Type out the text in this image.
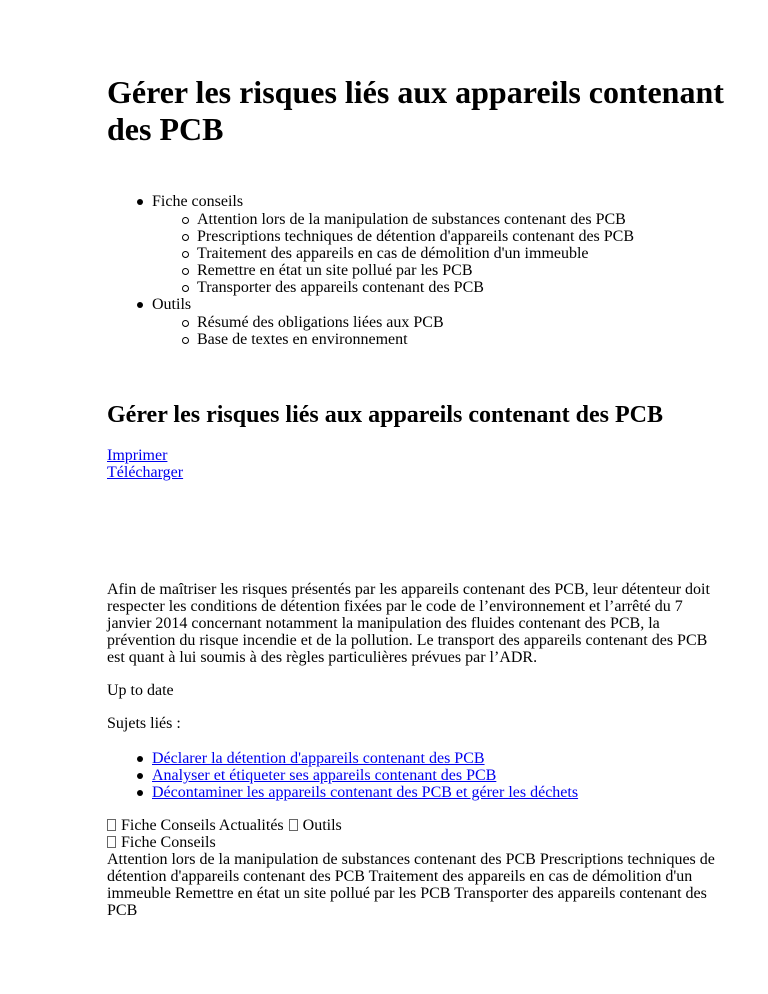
Gérer les risques liés aux appareils contenant des PCB
Fiche conseils
Attention lors de la manipulation de substances contenant des PCB
Prescriptions techniques de détention d'appareils contenant des PCB
Traitement des appareils en cas de démolition d'un immeuble
Remettre en état un site pollué par les PCB
Transporter des appareils contenant des PCB
Outils
Résumé des obligations liées aux PCB
Base de textes en environnement
Gérer les risques liés aux appareils contenant des PCB
Imprimer
Télécharger

Afin de maîtriser les risques présentés par les appareils contenant des PCB, leur détenteur doit respecter les conditions de détention fixées par le code de l’environnement et l’arrêté du 7 janvier 2014 concernant notamment la manipulation des fluides contenant des PCB, la prévention du risque incendie et de la pollution. Le transport des appareils contenant des PCB est quant à lui soumis à des règles particulières prévues par l’ADR.

Up to date

Sujets liés :

Déclarer la détention d'appareils contenant des PCB
Analyser et étiqueter ses appareils contenant des PCB
Décontaminer les appareils contenant des PCB et gérer les déchets
Fiche Conseils Actualités Outils
Fiche Conseils

Attention lors de la manipulation de substances contenant des PCB Prescriptions techniques de détention d'appareils contenant des PCB Traitement des appareils en cas de démolition d'un immeuble Remettre en état un site pollué par les PCB Transporter des appareils contenant des PCB
